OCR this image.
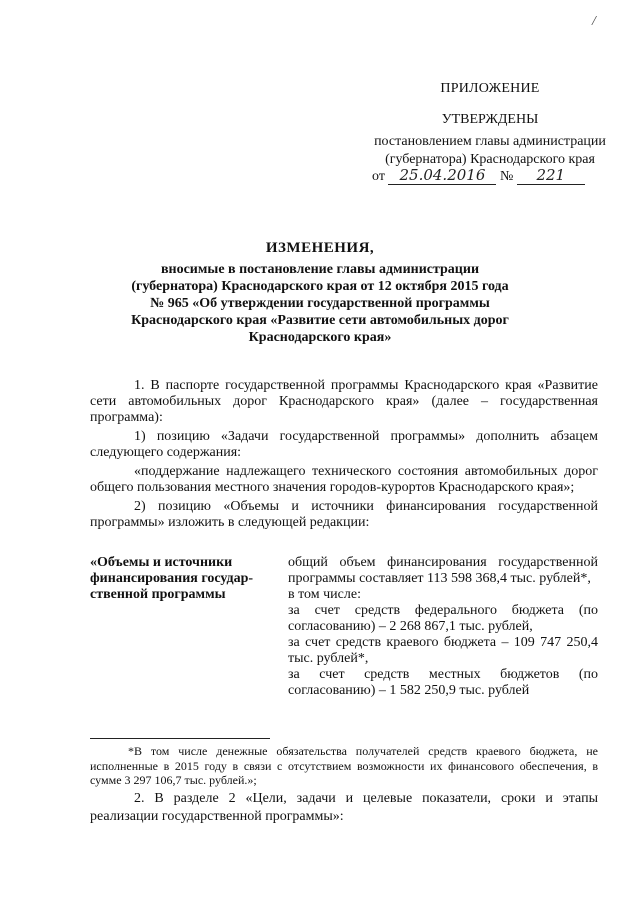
/
ПРИЛОЖЕНИЕ
УТВЕРЖДЕНЫ
постановлением главы администрации
(губернатора) Краснодарского края
от 25.04.2016 № 221
ИЗМЕНЕНИЯ,
вносимые в постановление главы администрации
(губернатора) Краснодарского края от 12 октября 2015 года
№ 965 «Об утверждении государственной программы
Краснодарского края «Развитие сети автомобильных дорог
Краснодарского края»

1. В паспорте государственной программы Краснодарского края «Развитие сети автомобильных дорог Краснодарского края» (далее – государственная программа):

1) позицию «Задачи государственной программы» дополнить абзацем следующего содержания:

«поддержание надлежащего технического состояния автомобильных дорог общего пользования местного значения городов-курортов Краснодарского края»;

2) позицию «Объемы и источники финансирования государственной программы» изложить в следующей редакции:

«Объемы и источники финансирования государственной программы

общий объем финансирования государственной программы составляет 113 598 368,4 тыс. рублей*,

в том числе:

за счет средств федерального бюджета (по согласованию) – 2 268 867,1 тыс. рублей,

за счет средств краевого бюджета – 109 747 250,4 тыс. рублей*,

за счет средств местных бюджетов (по согласованию) – 1 582 250,9 тыс. рублей

*В том числе денежные обязательства получателей средств краевого бюджета, не исполненные в 2015 году в связи с отсутствием возможности их финансового обеспечения, в сумме 3 297 106,7 тыс. рублей.»;
2. В разделе 2 «Цели, задачи и целевые показатели, сроки и этапы реализации государственной программы»:
